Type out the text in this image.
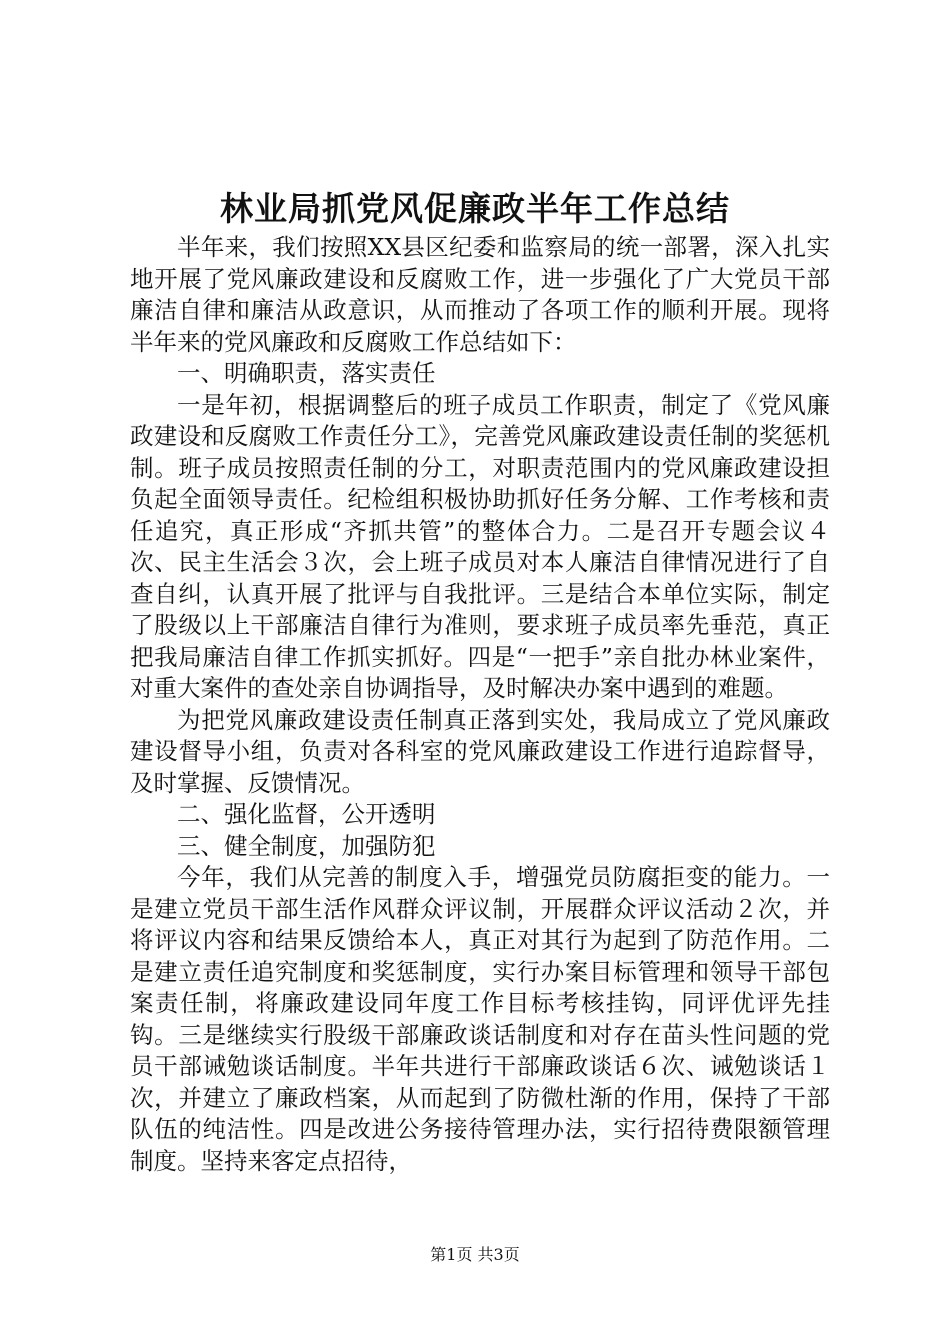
林业局抓党风促廉政半年工作总结

半年来，我们按照XX县区纪委和监察局的统一部署，深入扎实地开展了党风廉政建设和反腐败工作，进一步强化了广大党员干部廉洁自律和廉洁从政意识，从而推动了各项工作的顺利开展。现将半年来的党风廉政和反腐败工作总结如下：

一、明确职责，落实责任

一是年初，根据调整后的班子成员工作职责，制定了《党风廉政建设和反腐败工作责任分工》，完善党风廉政建设责任制的奖惩机制。班子成员按照责任制的分工，对职责范围内的党风廉政建设担负起全面领导责任。纪检组积极协助抓好任务分解、工作考核和责任追究，真正形成“齐抓共管”的整体合力。二是召开专题会议４次、民主生活会３次，会上班子成员对本人廉洁自律情况进行了自查自纠，认真开展了批评与自我批评。三是结合本单位实际，制定了股级以上干部廉洁自律行为准则，要求班子成员率先垂范，真正把我局廉洁自律工作抓实抓好。四是“一把手”亲自批办林业案件，对重大案件的查处亲自协调指导，及时解决办案中遇到的难题。

为把党风廉政建设责任制真正落到实处，我局成立了党风廉政建设督导小组，负责对各科室的党风廉政建设工作进行追踪督导，及时掌握、反馈情况。

二、强化监督，公开透明

三、健全制度，加强防犯

今年，我们从完善的制度入手，增强党员防腐拒变的能力。一是建立党员干部生活作风群众评议制，开展群众评议活动２次，并将评议内容和结果反馈给本人，真正对其行为起到了防范作用。二是建立责任追究制度和奖惩制度，实行办案目标管理和领导干部包案责任制，将廉政建设同年度工作目标考核挂钩，同评优评先挂钩。三是继续实行股级干部廉政谈话制度和对存在苗头性问题的党员干部诫勉谈话制度。半年共进行干部廉政谈话６次、诫勉谈话１次，并建立了廉政档案，从而起到了防微杜渐的作用，保持了干部队伍的纯洁性。四是改进公务接待管理办法，实行招待费限额管理制度。坚持来客定点招待，

第1页 共3页
